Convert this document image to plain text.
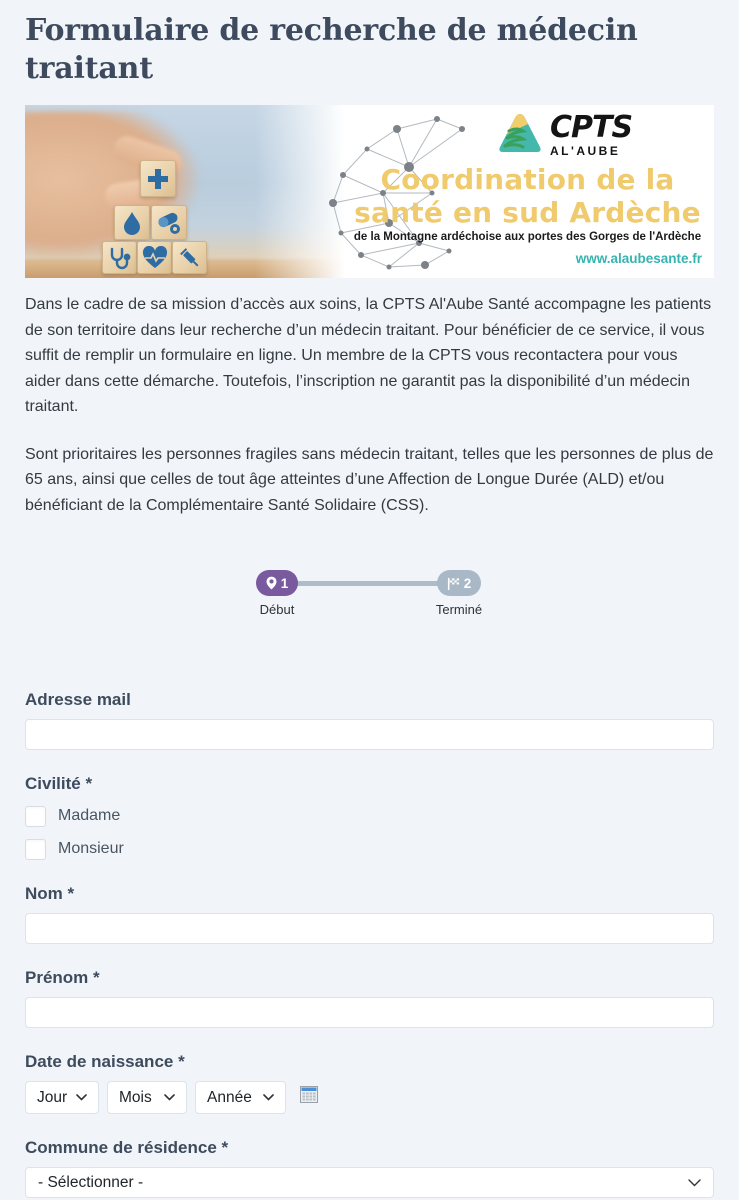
Formulaire de recherche de médecin traitant
CPTS
AL'AUBE
Coordination de la
santé en sud Ardèche
de la Montagne ardéchoise aux portes des Gorges de l'Ardèche
www.alaubesante.fr

Dans le cadre de sa mission d’accès aux soins, la CPTS Al'Aube Santé accompagne les patients de son territoire dans leur recherche d’un médecin traitant. Pour bénéficier de ce service, il vous suffit de remplir un formulaire en ligne. Un membre de la CPTS vous recontactera pour vous aider dans cette démarche. Toutefois, l’inscription ne garantit pas la disponibilité d’un médecin traitant.

Sont prioritaires les personnes fragiles sans médecin traitant, telles que les personnes de plus de 65 ans, ainsi que celles de tout âge atteintes d’une Affection de Longue Durée (ALD) et/ou bénéficiant de la Complémentaire Santé Solidaire (CSS).

1
Début
2
Terminé
Adresse mail
Civilité *
Madame
Monsieur
Nom *
Prénom *
Date de naissance *
Jour	Mois	Année
Commune de résidence *
- Sélectionner -
